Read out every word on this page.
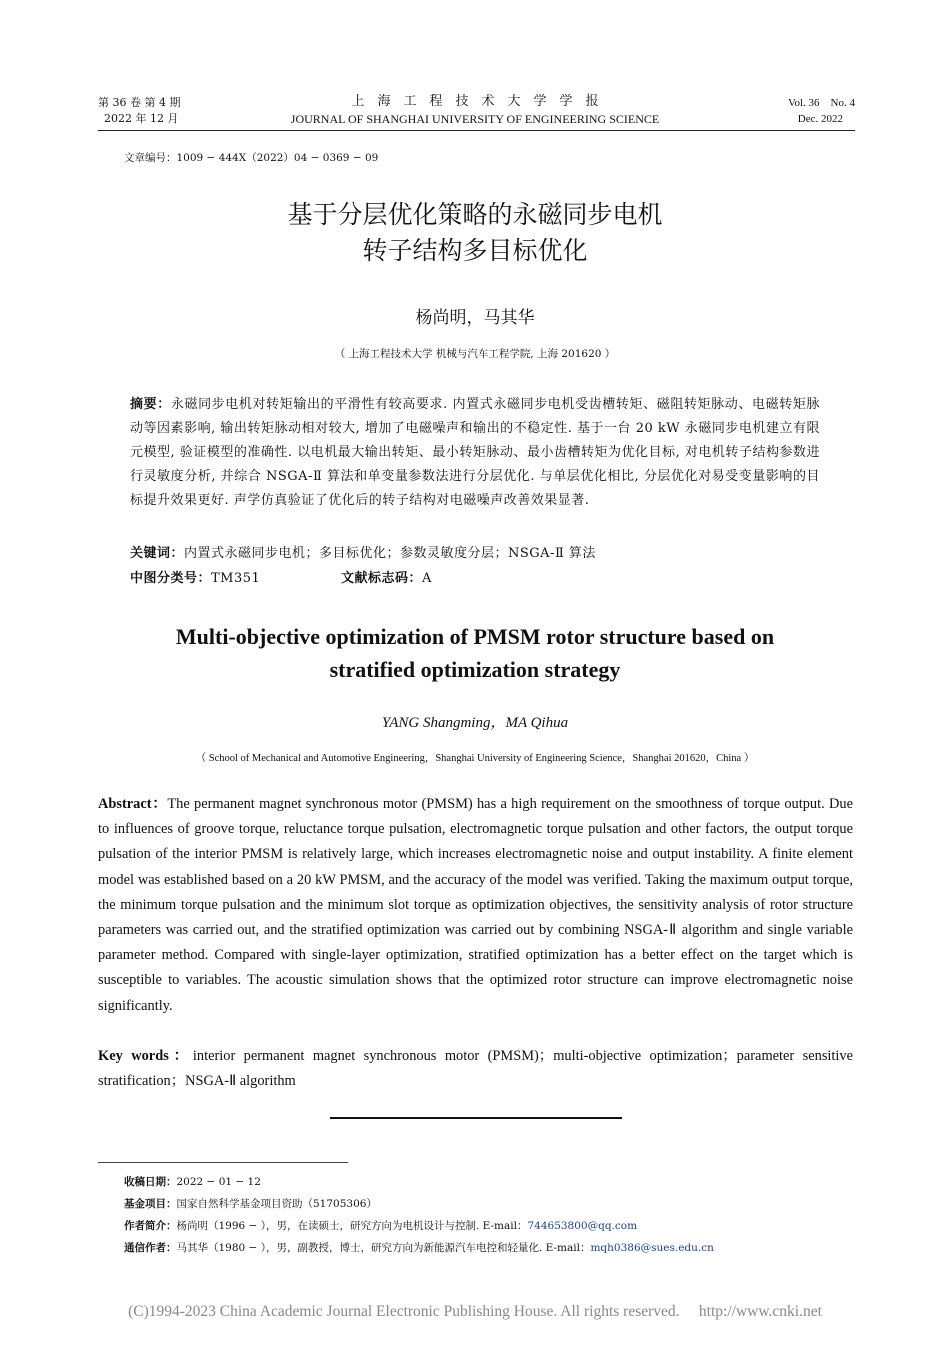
第 36 卷 第 4 期
2022 年 12 月
上　海　工　程　技　术　大　学　学　报
JOURNAL OF SHANGHAI UNIVERSITY OF ENGINEERING SCIENCE
Vol. 36　No. 4
Dec. 2022
文章编号：1009 − 444X（2022）04 − 0369 − 09
基于分层优化策略的永磁同步电机
转子结构多目标优化
杨尚明，马其华
（ 上海工程技术大学 机械与汽车工程学院, 上海 201620 ）
摘要：永磁同步电机对转矩输出的平滑性有较高要求. 内置式永磁同步电机受齿槽转矩、磁阻转矩脉动、电磁转矩脉动等因素影响, 输出转矩脉动相对较大, 增加了电磁噪声和输出的不稳定性. 基于一台 20 kW 永磁同步电机建立有限元模型, 验证模型的准确性. 以电机最大输出转矩、最小转矩脉动、最小齿槽转矩为优化目标, 对电机转子结构参数进行灵敏度分析, 并综合 NSGA-Ⅱ 算法和单变量参数法进行分层优化. 与单层优化相比, 分层优化对易受变量影响的目标提升效果更好. 声学仿真验证了优化后的转子结构对电磁噪声改善效果显著.
关键词：内置式永磁同步电机；多目标优化；参数灵敏度分层；NSGA-Ⅱ 算法
中图分类号：TM351	文献标志码：A
Multi-objective optimization of PMSM rotor structure based on
stratified optimization strategy
YANG Shangming，MA Qihua
（ School of Mechanical and Automotive Engineering，Shanghai University of Engineering Science，Shanghai 201620，China ）
Abstract：The permanent magnet synchronous motor (PMSM) has a high requirement on the smoothness of torque output. Due to influences of groove torque, reluctance torque pulsation, electromagnetic torque pulsation and other factors, the output torque pulsation of the interior PMSM is relatively large, which increases electromagnetic noise and output instability. A finite element model was established based on a 20 kW PMSM, and the accuracy of the model was verified. Taking the maximum output torque, the minimum torque pulsation and the minimum slot torque as optimization objectives, the sensitivity analysis of rotor structure parameters was carried out, and the stratified optimization was carried out by combining NSGA-Ⅱ algorithm and single variable parameter method. Compared with single-layer optimization, stratified optimization has a better effect on the target which is susceptible to variables. The acoustic simulation shows that the optimized rotor structure can improve electromagnetic noise significantly.
Key words：interior permanent magnet synchronous motor (PMSM)；multi-objective optimization；parameter sensitive stratification；NSGA-Ⅱ algorithm
收稿日期：2022 − 01 − 12
基金项目：国家自然科学基金项目资助（51705306）
作者简介：杨尚明（1996 − ），男，在读硕士，研究方向为电机设计与控制. E-mail：744653800@qq.com
通信作者：马其华（1980 − ），男，副教授，博士，研究方向为新能源汽车电控和轻量化. E-mail：mqh0386@sues.edu.cn
(C)1994-2023 China Academic Journal Electronic Publishing House. All rights reserved.     http://www.cnki.net
